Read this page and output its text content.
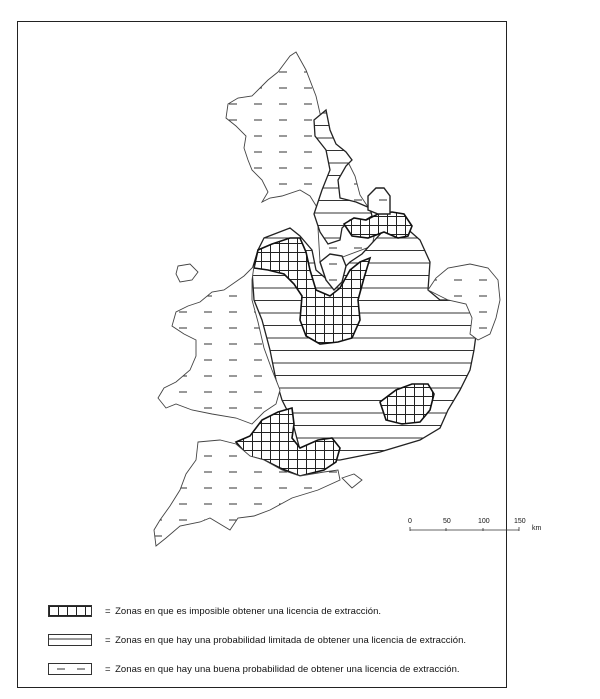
0	50	100	150
km
=
Zonas en que es imposible obtener una licencia de extracción.
=
Zonas en que hay una probabilidad limitada de obtener una licencia de extracción.
=
Zonas en que hay una buena probabilidad de obtener una licencia de extracción.
